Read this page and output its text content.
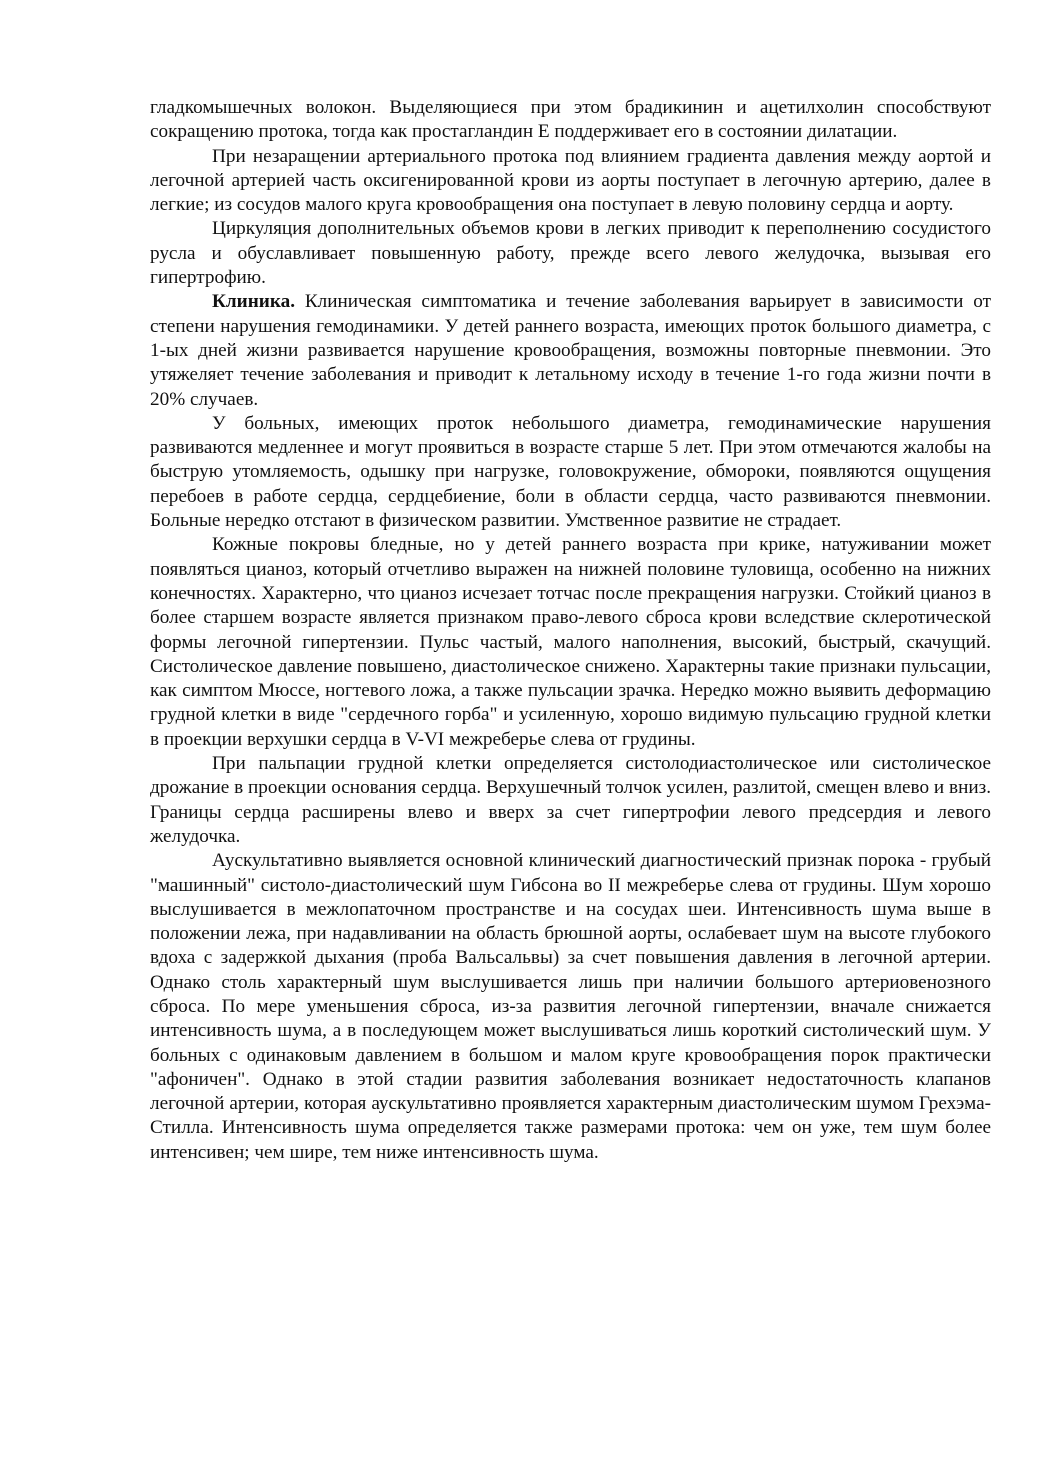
гладкомышечных волокон. Выделяющиеся при этом брадикинин и ацетилхолин способствуют сокращению протока, тогда как простагландин Е поддерживает его в состоянии дилатации.

При незаращении артериального протока под влиянием градиента давления между аортой и легочной артерией часть оксигенированной крови из аорты поступает в легочную артерию, далее в легкие; из сосудов малого круга кровообращения она поступает в левую половину сердца и аорту.

Циркуляция дополнительных объемов крови в легких приводит к переполнению сосудистого русла и обуславливает повышенную работу, прежде всего левого желудочка, вызывая его гипертрофию.

Клиника. Клиническая симптоматика и течение заболевания варьирует в зависимости от степени нарушения гемодинамики. У детей раннего возраста, имеющих проток большого диаметра, с 1-ых дней жизни развивается нарушение кровообращения, возможны повторные пневмонии. Это утяжеляет течение заболевания и приводит к летальному исходу в течение 1-го года жизни почти в 20% случаев.

У больных, имеющих проток небольшого диаметра, гемодинамические нарушения развиваются медленнее и могут проявиться в возрасте старше 5 лет. При этом отмечаются жалобы на быструю утомляемость, одышку при нагрузке, головокружение, обмороки, появляются ощущения перебоев в работе сердца, сердцебиение, боли в области сердца, часто развиваются пневмонии. Больные нередко отстают в физическом развитии. Умственное развитие не страдает.

Кожные покровы бледные, но у детей раннего возраста при крике, натуживании может появляться цианоз, который отчетливо выражен на нижней половине туловища, особенно на нижних конечностях. Характерно, что цианоз исчезает тотчас после прекращения нагрузки. Стойкий цианоз в более старшем возрасте является признаком право-левого сброса крови вследствие склеротической формы легочной гипертензии. Пульс частый, малого наполнения, высокий, быстрый, скачущий. Систолическое давление повышено, диастолическое снижено. Характерны такие признаки пульсации, как симптом Мюссе, ногтевого ложа, а также пульсации зрачка. Нередко можно выявить деформацию грудной клетки в виде "сердечного горба" и усиленную, хорошо видимую пульсацию грудной клетки в проекции верхушки сердца в V-VI межреберье слева от грудины.

При пальпации грудной клетки определяется систолодиастолическое или систолическое дрожание в проекции основания сердца. Верхушечный толчок усилен, разлитой, смещен влево и вниз. Границы сердца расширены влево и вверх за счет гипертрофии левого предсердия и левого желудочка.

Аускультативно выявляется основной клинический диагностический признак порока - грубый "машинный" систоло-диастолический шум Гибсона во II межреберье слева от грудины. Шум хорошо выслушивается в межлопаточном пространстве и на сосудах шеи. Интенсивность шума выше в положении лежа, при надавливании на область брюшной аорты, ослабевает шум на высоте глубокого вдоха с задержкой дыхания (проба Вальсальвы) за счет повышения давления в легочной артерии. Однако столь характерный шум выслушивается лишь при наличии большого артериовенозного сброса. По мере уменьшения сброса, из-за развития легочной гипертензии, вначале снижается интенсивность шума, а в последующем может выслушиваться лишь короткий систолический шум. У больных с одинаковым давлением в большом и малом круге кровообращения порок практически "афоничен". Однако в этой стадии развития заболевания возникает недостаточность клапанов легочной артерии, которая аускультативно проявляется характерным диастолическим шумом Грехэма-Стилла. Интенсивность шума определяется также размерами протока: чем он уже, тем шум более интенсивен; чем шире, тем ниже интенсивность шума.
